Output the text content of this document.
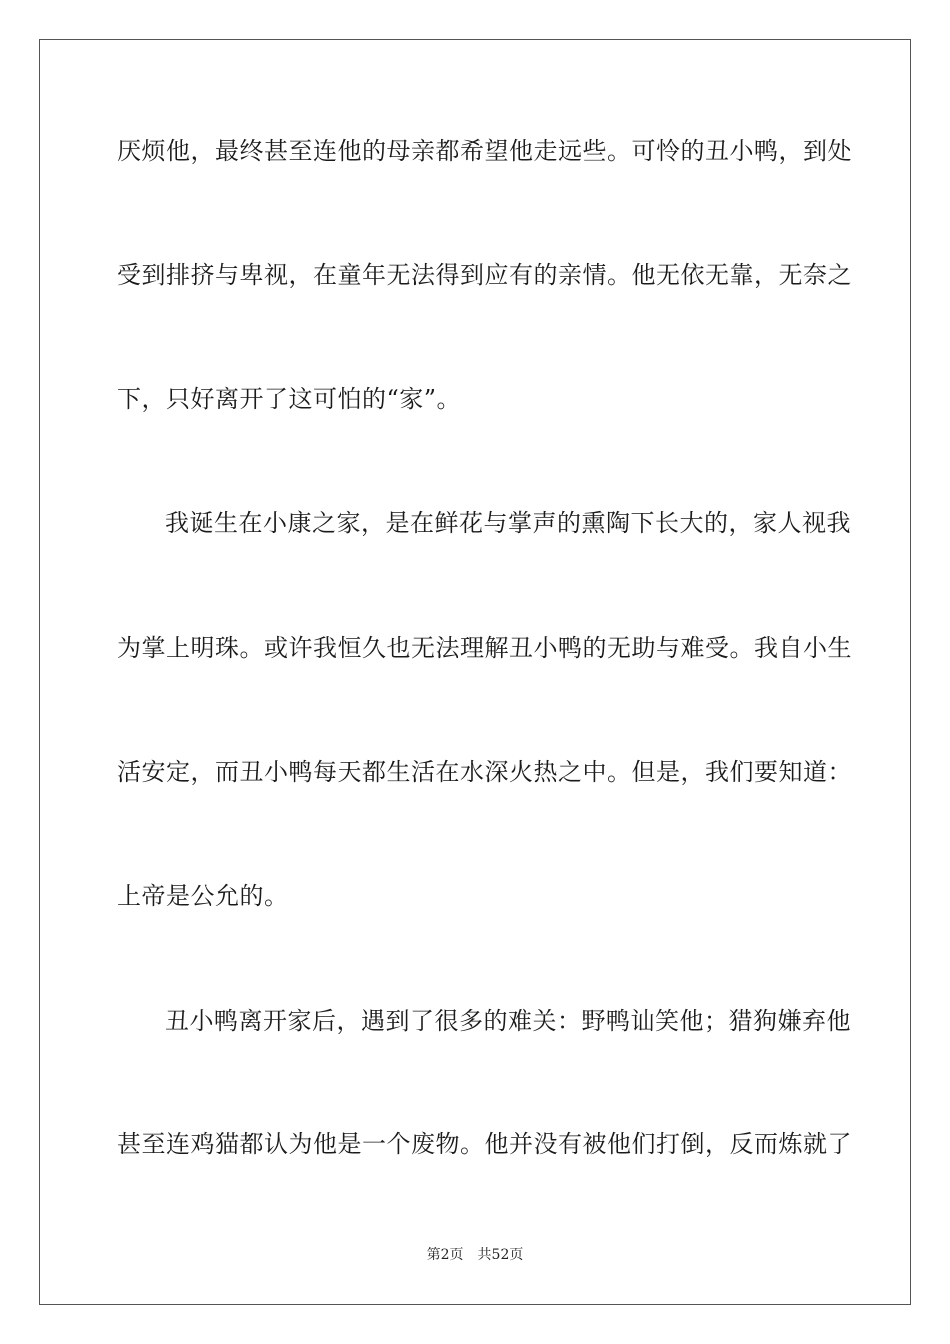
厌烦他，最终甚至连他的母亲都希望他走远些。可怜的丑小鸭，到处
受到排挤与卑视，在童年无法得到应有的亲情。他无依无靠，无奈之
下，只好离开了这可怕的“家”。
我诞生在小康之家，是在鲜花与掌声的熏陶下长大的，家人视我
为掌上明珠。或许我恒久也无法理解丑小鸭的无助与难受。我自小生
活安定，而丑小鸭每天都生活在水深火热之中。但是，我们要知道：
上帝是公允的。
丑小鸭离开家后，遇到了很多的难关：野鸭讪笑他；猎狗嫌弃他
甚至连鸡猫都认为他是一个废物。他并没有被他们打倒，反而炼就了
第2页 共52页
